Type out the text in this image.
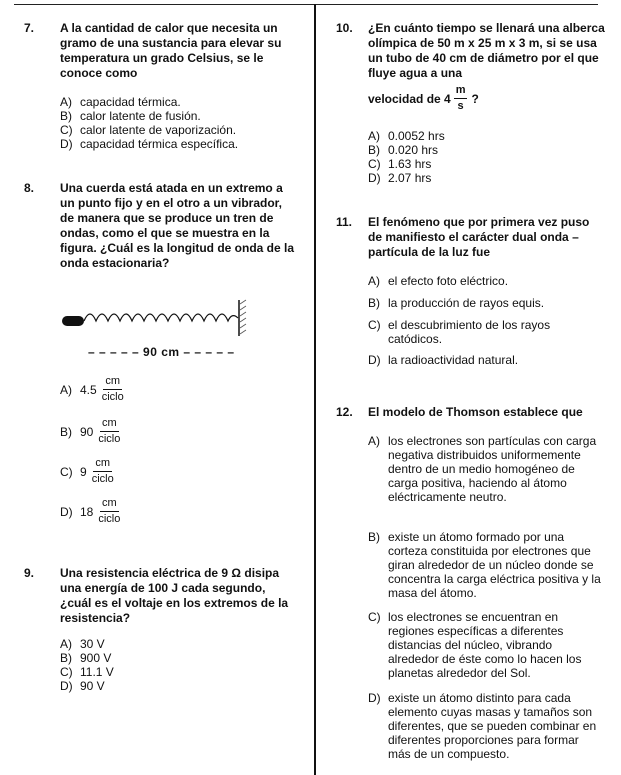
7. A la cantidad de calor que necesita un gramo de una sustancia para elevar su temperatura un grado Celsius, se le conoce como
A) capacidad térmica.
B) calor latente de fusión.
C) calor latente de vaporización.
D) capacidad térmica específica.
8. Una cuerda está atada en un extremo a un punto fijo y en el otro a un vibrador, de manera que se produce un tren de ondas, como el que se muestra en la figura. ¿Cuál es la longitud de onda de la onda estacionaria?
– – – – – 90 cm – – – – –
A) $4.5 \frac{cm}{\text{ciclo}}$
B) $90 \frac{cm}{\text{ciclo}}$
C) $9 \frac{cm}{\text{ciclo}}$
D) $18 \frac{cm}{\text{ciclo}}$
9. Una resistencia eléctrica de 9 Ω disipa una energía de 100 J cada segundo, ¿cuál es el voltaje en los extremos de la resistencia?
A) 30 V
B) 900 V
C) 11.1 V
D) 90 V
10. ¿En cuánto tiempo se llenará una alberca olímpica de 50 m x 25 m x 3 m, si se usa un tubo de 40 cm de diámetro por el que fluye agua a una
velocidad de $4 \frac{m}{s}$ ?
A) 0.0052 hrs
B) 0.020 hrs
C) 1.63 hrs
D) 2.07 hrs
11. El fenómeno que por primera vez puso de manifiesto el carácter dual onda – partícula de la luz fue
A) el efecto foto eléctrico.
B) la producción de rayos equis.
C) el descubrimiento de los rayos catódicos.
D) la radioactividad natural.
12. El modelo de Thomson establece que
A) los electrones son partículas con carga negativa distribuidos uniformemente dentro de un medio homogéneo de carga positiva, haciendo al átomo eléctricamente neutro.
B) existe un átomo formado por una corteza constituida por electrones que giran alrededor de un núcleo donde se concentra la carga eléctrica positiva y la masa del átomo.
C) los electrones se encuentran en regiones específicas a diferentes distancias del núcleo, vibrando alrededor de éste como lo hacen los planetas alrededor del Sol.
D) existe un átomo distinto para cada elemento cuyas masas y tamaños son diferentes, que se pueden combinar en diferentes proporciones para formar más de un compuesto.
